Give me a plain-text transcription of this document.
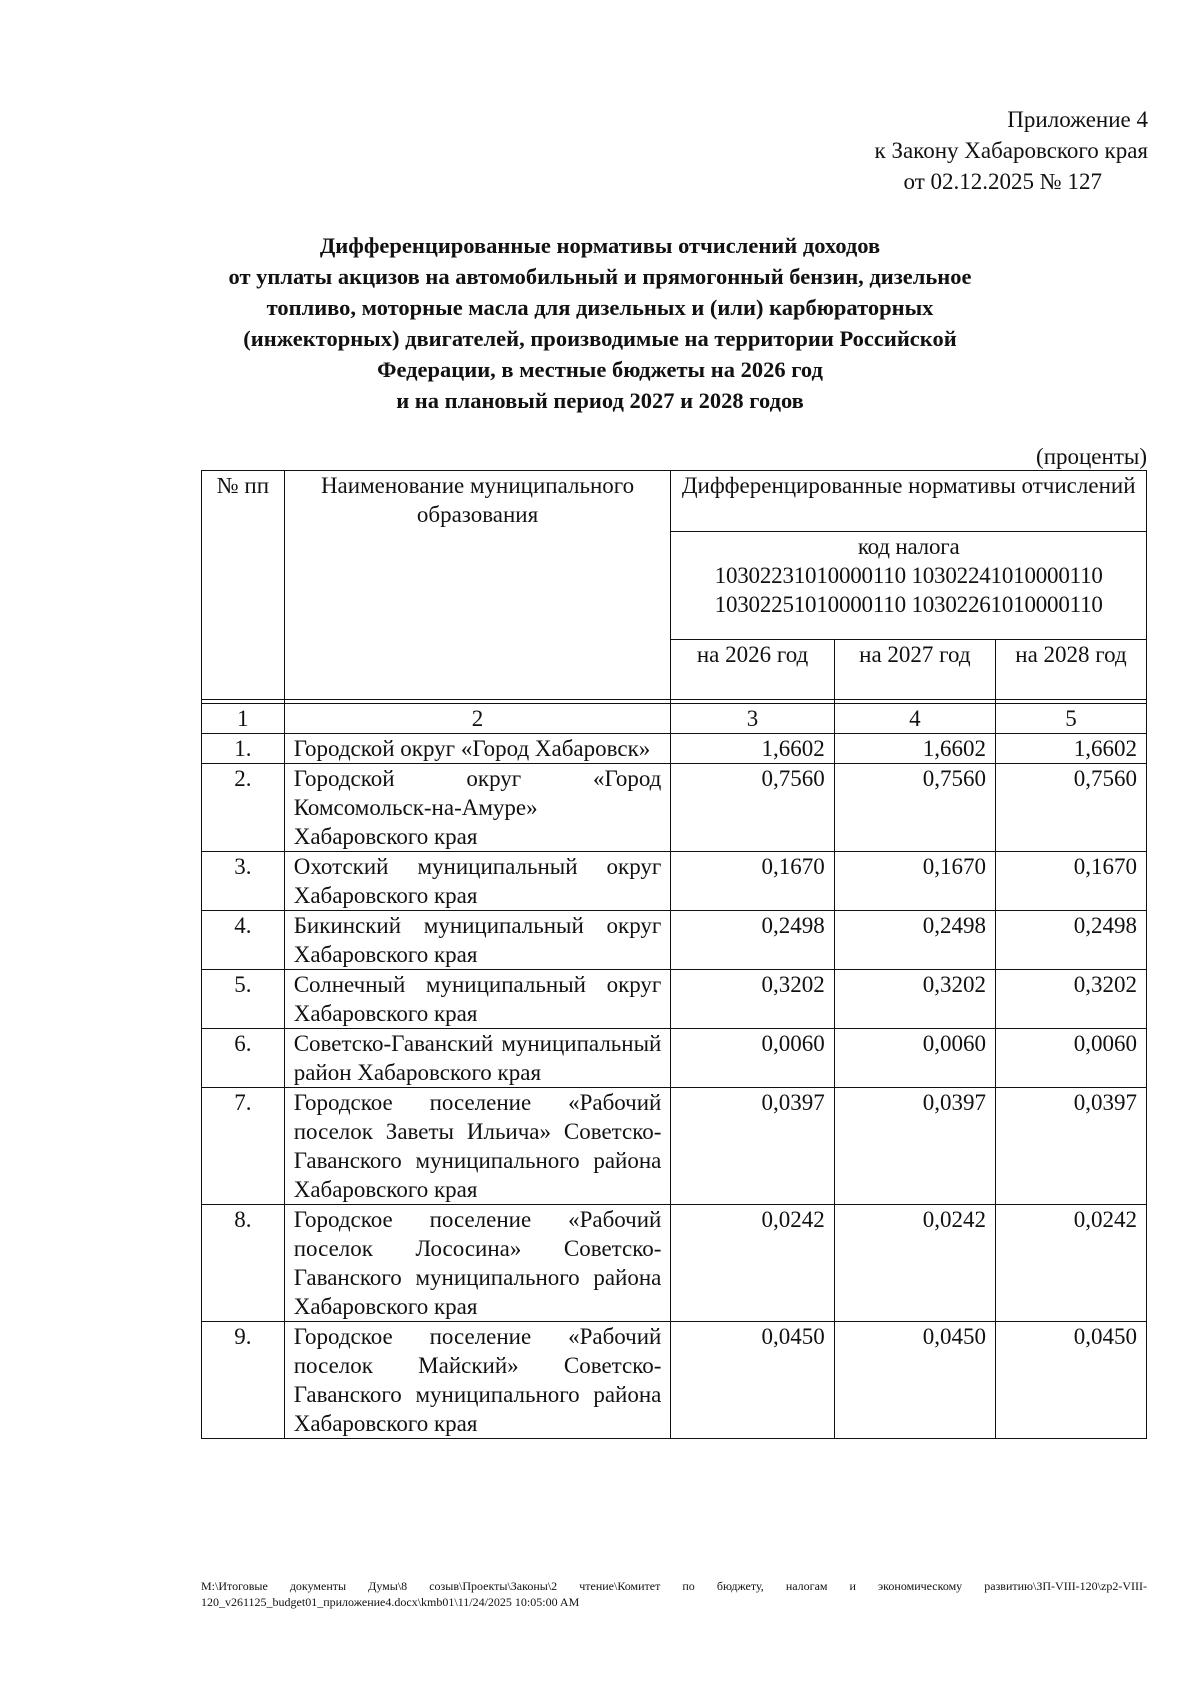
Приложение 4
к Закону Хабаровского края
от 02.12.2025 № 127
Дифференцированные нормативы отчислений доходов
от уплаты акцизов на автомобильный и прямогонный бензин, дизельное
топливо, моторные масла для дизельных и (или) карбюраторных
(инжекторных) двигателей, производимые на территории Российской
Федерации, в местные бюджеты на 2026 год
и на плановый период 2027 и 2028 годов
(проценты)
№ пп	Наименование муниципального образования	Дифференцированные нормативы отчислений		

		код налога
10302231010000110 10302241010000110
10302251010000110 10302261010000110		

		на 2026 год	на 2027 год	на 2028 год

1	2	3	4	5
1.	Городской округ «Город Хабаровск»	1,6602	1,6602	1,6602
2.	Городской округ «Город Комсомольск-на-Амуре» Хабаровского края	0,7560	0,7560	0,7560
3.	Охотский муниципальный округ Хабаровского края	0,1670	0,1670	0,1670
4.	Бикинский муниципальный округ Хабаровского края	0,2498	0,2498	0,2498
5.	Солнечный муниципальный округ Хабаровского края	0,3202	0,3202	0,3202
6.	Советско-Гаванский муниципальный район Хабаровского края	0,0060	0,0060	0,0060
7.	Городское поселение «Рабочий поселок Заветы Ильича» Советско-Гаванского муниципального района Хабаровского края	0,0397	0,0397	0,0397
8.	Городское поселение «Рабочий поселок Лососина» Советско-Гаванского муниципального района Хабаровского края	0,0242	0,0242	0,0242
9.	Городское поселение «Рабочий поселок Майский» Советско-Гаванского муниципального района Хабаровского края	0,0450	0,0450	0,0450
M:\Итоговые документы Думы\8 созыв\Проекты\Законы\2 чтение\Комитет по бюджету, налогам и экономическому развитию\ЗП-VIII-120\zp2-VIII-120_v261125_budget01_приложение4.docx\kmb01\11/24/2025 10:05:00 AM
